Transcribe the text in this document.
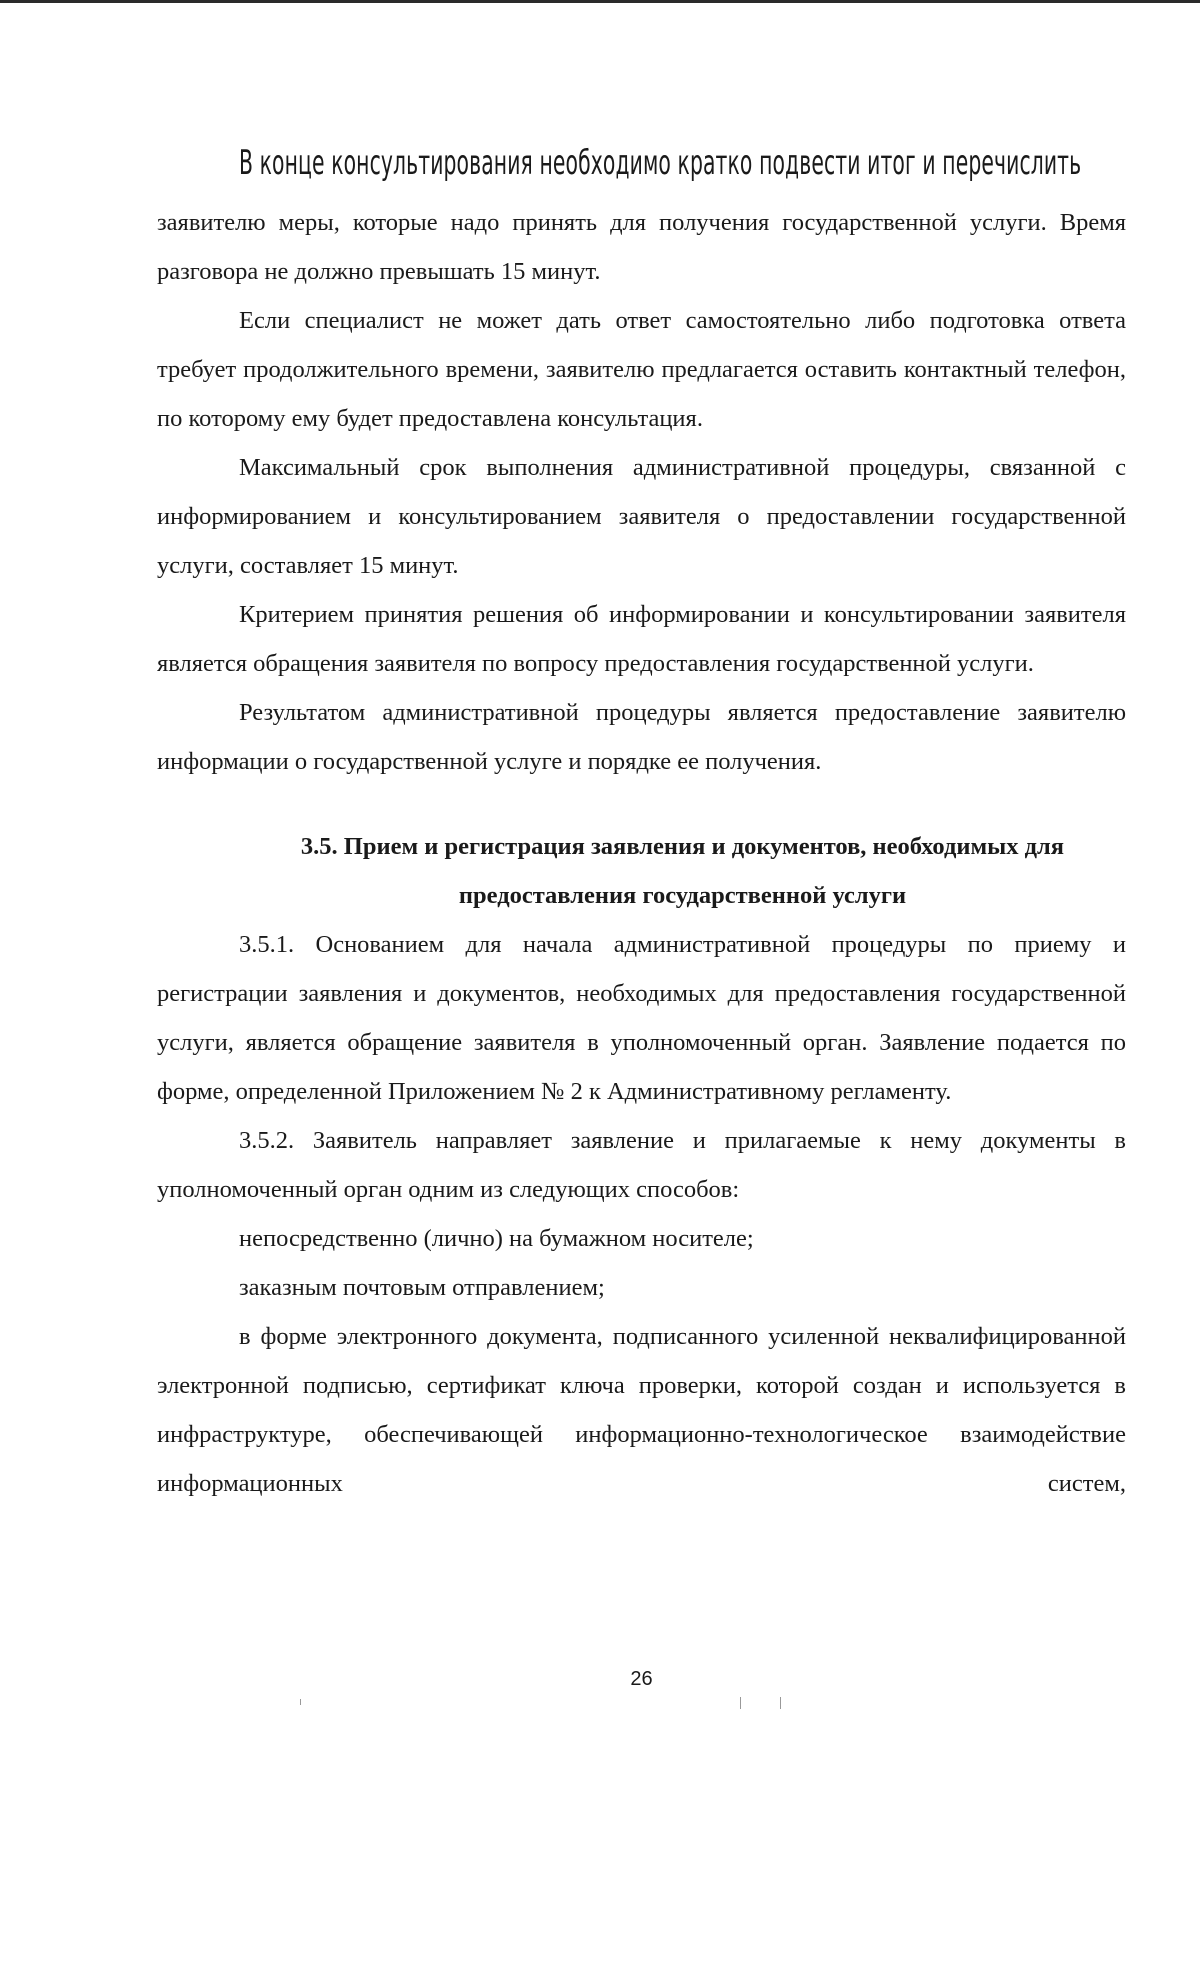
В конце консультирования необходимо кратко подвести итог и перечислить

заявителю меры, которые надо принять для получения государственной услуги. Время разговора не должно превышать 15 минут.

Если специалист не может дать ответ самостоятельно либо подготовка ответа требует продолжительного времени, заявителю предлагается оставить контактный телефон, по которому ему будет предоставлена консультация.

Максимальный срок выполнения административной процедуры, связанной с информированием и консультированием заявителя о предоставлении государственной услуги, составляет 15 минут.

Критерием принятия решения об информировании и консультировании заявителя является обращения заявителя по вопросу предоставления государственной услуги.

Результатом административной процедуры является предоставление заявителю информации о государственной услуге и порядке ее получения.

3.5. Прием и регистрация заявления и документов, необходимых для предоставления государственной услуги

3.5.1. Основанием для начала административной процедуры по приему и регистрации заявления и документов, необходимых для предоставления государственной услуги, является обращение заявителя в уполномоченный орган. Заявление подается по форме, определенной Приложением № 2 к Административному регламенту.

3.5.2. Заявитель направляет заявление и прилагаемые к нему документы в уполномоченный орган одним из следующих способов:

непосредственно (лично) на бумажном носителе;

заказным почтовым отправлением;

в форме электронного документа, подписанного усиленной неквалифицированной электронной подписью, сертификат ключа проверки, которой создан и используется в инфраструктуре, обеспечивающей информационно-технологическое взаимодействие информационных систем,

26
